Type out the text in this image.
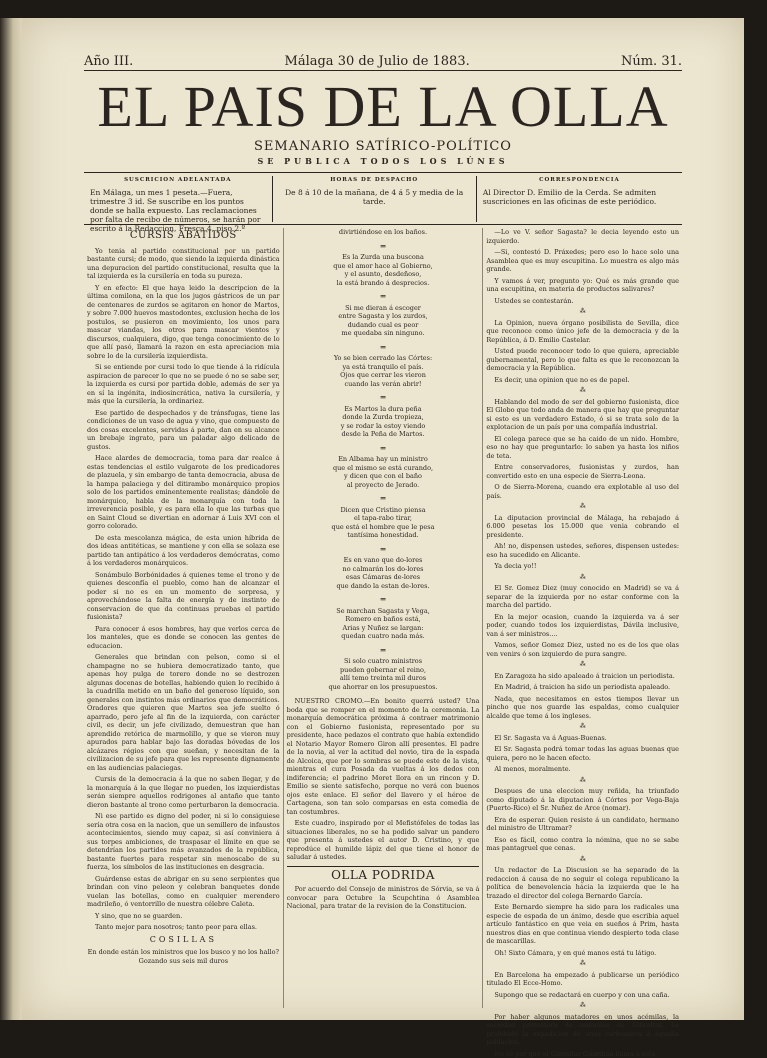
Año III.	Málaga 30 de Julio de 1883.	Núm. 31.
EL PAIS DE LA OLLA
SEMANARIO SATÍRICO-POLÍTICO
SE PUBLICA TODOS LOS LÚNES
SUSCRICION ADELANTADA
En Málaga, un mes 1 peseta.—Fuera, trimestre 3 id. Se suscribe en los puntos donde se halla expuesto. Las reclamaciones por falta de recibo de números, se harán por escrito á la Redaccion, Fresca 4, piso 2.º
HORAS DE DESPACHO
De 8 á 10 de la mañana, de 4 á 5 y media de la tarde.
CORRESPONDENCIA
Al Director D. Emilio de la Cerda. Se admiten suscriciones en las oficinas de este periódico.
CURSIS ABATIDOS

Yo tenia al partido constitucional por un partido bastante cursi; de modo, que siendo la izquierda dinástica una depuracion del partido constitucional, resulta que la tal izquierda es la cursilería en toda su pureza.

Y en efecto: El que haya leido la descripcion de la última comilona, en la que los jugos gástricos de un par de centenares de zurdos se agitaron en honor de Martos, y sobre 7.000 huevos mastodontes, exclusion hecha de los postulos, se pusieron en movimiento, los unos para mascar viandas, los otros para mascar vientos y discursos, cualquiera, digo, que tenga conocimiento de lo que allí pasó, llamará la razon en esta apreciacion mia sobre lo de la cursilería izquierdista.

Si se entiende por cursi todo lo que tiende á la ridícula aspiracion de parecer lo que no se puede ó no se sabe ser, la izquierda es cursi por partida doble, además de ser ya en sí la ingénita, indiosincrática, nativa la cursilería, y más que la cursilería, la ordinariez.

Ese partido de despechados y de tránsfugas, tiene las condiciones de un vaso de agua y vino, que compuesto de dos cosas excelentes, servidas á parte, dan en su alcance un brebaje ingrato, para un paladar algo delicado de gustos.

Hace alardes de democracia, toma para dar realce á estas tendencias el estilo vulgarote de los predicadores de plazuela, y sin embargo de tanta democracia, abusa de la hampa palaciega y del ditirambo monárquico propios solo de los partidos eminentemente realistas; dándole de monárquico, habla de la monarquía con toda la irreverencia posible, y es para ella lo que las turbas que en Saint Cloud se divertian en adornar á Luis XVI con el gorro colorado.

De esta mescolanza mágica, de esta union híbrida de dos ideas antitéticas, se mantiene y con ella se solaza ese partido tan antipático á los verdaderos demócratas, como á los verdaderos monárquicos.

Sonámbulo Borbónidades á quienes teme el trono y de quienes desconfía el pueblo, como han de alcanzar el poder si no es en un momento de sorpresa, y aprovechándose la falta de energía y de instinto de conservacion de que da continuas pruebas el partido fusionista?

Para conocer á esos hombres, hay que verlos cerca de los manteles, que es donde se conocen las gentes de educacion.

Generales que brindan con pelson, como si el champagne no se hubiera democratizado tanto, que apenas hoy pulga de torero donde no se destrozen algunas docenas de botellas, habiendo quien lo recibido á la cuadrilla metido en un baño del generoso líquido, son generales con instintos más ordinarios que democráticos. Oradores que quieren que Martos sea jefe suelto ó aparrado, pero jefe al fin de la izquierda, con carácter civil, es decir, un jefe civilizado, demuestran que han aprendido retórica de marmolillo, y que se vieron muy apurados para hablar bajo las doradas bóvedas de los alcázares régios con que sueñan, y necesitan de la civilizacion de su jefe para que les represente dignamente en las audiencias palaciegas.

Cursis de la democracia á la que no saben llegar, y de la monarquía á la que llegar no pueden, los izquierdistas serán siempre aquellos rodrigones al antaño que tanto dieron bastante al trono como perturbaron la democracia.

Ni ese partido es digno del poder, ni si lo consiguiese sería otra cosa en la nacion, que un semillero de infaustos acontecimientos, siendo muy capaz, si así conviniera á sus torpes ambiciones, de traspasar el límite en que se detendrían los partidos más avanzados de la república, bastante fuertes para respetar sin menoscabo de su fuerza, los símbolos de las instituciones en desgracia.

Guárdense estas de abrigar en su seno serpientes que brindan con vino peleon y celebran banquetes donde vuelan las botellas, como en cualquier merendero madrileño, ó ventorrillo de nuestra célebre Caleta.

Y sino, que no se guarden.

Tanto mejor para nosotros; tanto peor para ellas.

COSILLAS
En donde están los ministros que los busco y no los hallo? Gozando sus seis mil duros
divirtiéndose en los baños.
═
Es la Zurda una buscona
que el amor hace al Gobierno,
y el asunto, desdeñoso,
la está brando á desprecios.
═
Si me dieran á escoger
entre Sagasta y los zurdos,
dudando cual es peor
me quedaba sin ninguno.
═
Yo se bien cerrado las Córtes:
ya está tranquilo el país.
Ojos que cerrar les vieron
cuando las verán abrir!
═
Es Martos la dura peña
donde la Zurda tropieza,
y se rodar la estoy viendo
desde la Peña de Martos.
═
En Albama hay un ministro
que el mismo se está curando,
y dicen que con el baño
al proyecto de Jerado.
═
Dicen que Cristino piensa
el tapa-rabo tirar,
que está el hombre que le pesa
tantísima honestidad.
═
Es en vano que do-lores
no calmarán los do-lores
esas Cámaras de-lores
que dando la estan de-lores.
═
Se marchan Sagasta y Vega,
Romero en baños está,
Arias y Nuñez se largan:
quedan cuatro nada más.
═
Si solo cuatro ministros
pueden gobernar el reino,
allí temo treinta mil duros
que ahorrar en los presupuestos.

NUESTRO CROMO.—En bonito querrá usted? Una boda que se romper en el momento de la ceremonia. La monarquía democrática próxima á contraer matrimonio con el Gobierno fusionista, representado por su presidente, hace pedazos el contrato que había extendido el Notario Mayor Romero Giron allí presentes. El padre de la novia, al ver la actitud del novio, tira de la espada de Alcoica, que por lo sombras se puede este de la vista, mientras el cura Posada da vueltas á los dedos con indiferencia; el padrino Moret llora en un rincon y D. Emilio se siente satisfecho, porque no verá con buenos ojos este enlace. El señor del llavero y el héroe de Cartagena, son tan solo comparsas en esta comedia de tan costumbres.

Este cuadro, inspirado por el Mefistófeles de todas las situaciones liberales, no se ha podido salvar un pandero que presenta á ustedes el autor D. Cristino, y que reprodúce el humilde lápiz del que tiene el honor de saludar á ustedes.

OLLA PODRIDA

Por acuerdo del Consejo de ministros de Sórvia, se va á convocar para Octubre la Scupchtina ó Asamblea Nacional, para tratar de la revision de la Constitucion.

—Lo ve V. señor Sagasta? le decia leyendo esto un izquierdo.

—Si, contestó D. Práxedes; pero eso lo hace solo una Asamblea que es muy escupitina. Lo muestra es algo más grande.

Y vamos á ver, pregunto yo: Qué es más grande que una escupitina, en materia de productos salivares?

Ustedes se contestarán.

⁂

La Opinion, nueva órgano posibilista de Sevilla, dice que reconoce como único jefe de la democracia y de la República, á D. Emilio Castelar.

Usted puede reconocer todo lo que quiera, apreciable gubernamental, pero lo que falta es que le reconozcan la democracia y la República.

Es decir, una opinion que no es de papel.

⁂

Hablando del modo de ser del gobierno fusionista, dice El Globo que todo anda de manera que hay que preguntar si esto es un verdadero Estado, ó si se trata solo de la explotacion de un país por una compañía industrial.

El colega parece que se ha caido de un nido. Hombre, eso no hay que preguntarlo: lo saben ya hasta los niños de teta.

Entre conservadores, fusionistas y zurdos, han convertido esto en una especie de Sierra-Leona.

O de Sierra-Morena, cuando era explotable al uso del país.

⁂

La diputacion provincial de Málaga, ha rebajado á 6.000 pesetas los 15.000 que venia cobrando el presidente.

Ah! no, dispensen ustedes, señores, dispensen ustedes: eso ha sucedido en Alicante.

Ya decia yo!!

⁂

El Sr. Gomez Diez (muy conocido en Madrid) se va á separar de la izquierda por no estar conforme con la marcha del partido.

En la mejor ocasion, cuando la izquierda va á ser poder, cuando todos los izquierdistas, Dávila inclusive, van á ser ministros....

Vamos, señor Gomez Diez, usted no es de los que olas ven venirs ó son izquierdo de pura sangre.

⁂

En Zaragoza ha sido apaleado á traicion un periodista.

En Madrid, á traicion ha sido un periodista apaleado.

Nada, que necesitamos en estos tiempos llevar un pincho que nos guarde las espaldas, como cualquier alcalde que teme á los ingleses.

⁂

El Sr. Sagasta va á Aguas-Buenas.

El Sr. Sagasta podrá tomar todas las aguas buenas que quiera, pero no le hacen efecto.

Al menos, moralmente.

⁂

Despues de una eleccion muy reñida, ha triunfado como diputado á la diputacion á Córtes por Vega-Baja (Puerto-Rico) el Sr. Nuñez de Arce (nomar).

Era de esperar. Quien resiste á un candidato, hermano del ministro de Ultramar?

Eso es fácil, como contra la nómina, que no se sabe mas pantagruel que cenas.

⁂

Un redactor de La Discusion se ha separado de la redaccion á causa de no seguir el colega republicano la política de benevolencia hácia la izquierda que le ha trazado el director del colega Bernardo García.

Este Bernardo siempre ha sido para los radicales una especie de espada de un ánimo, desde que escribia aquel artículo fantástico en que veia en sueños á Prim, hasta nuestros dias en que continua viendo despierto toda clase de mascarillas.

Oh! Sixto Cámara, y en qué manos está tu látigo.

⁂

En Barcelona ha empezado á publicarse un periódico titulado El Ecce-Homo.

Supongo que se redactará en cuerpo y con una caña.

⁂

Por haber algunos matadores en unos acémilas, la sociedad protectora de animales de Gibraltar, ha prohibido la expedicion de unos carboneros á aquella poblacion.

No sé por qué el Gibraltar Guardian llama á esta
